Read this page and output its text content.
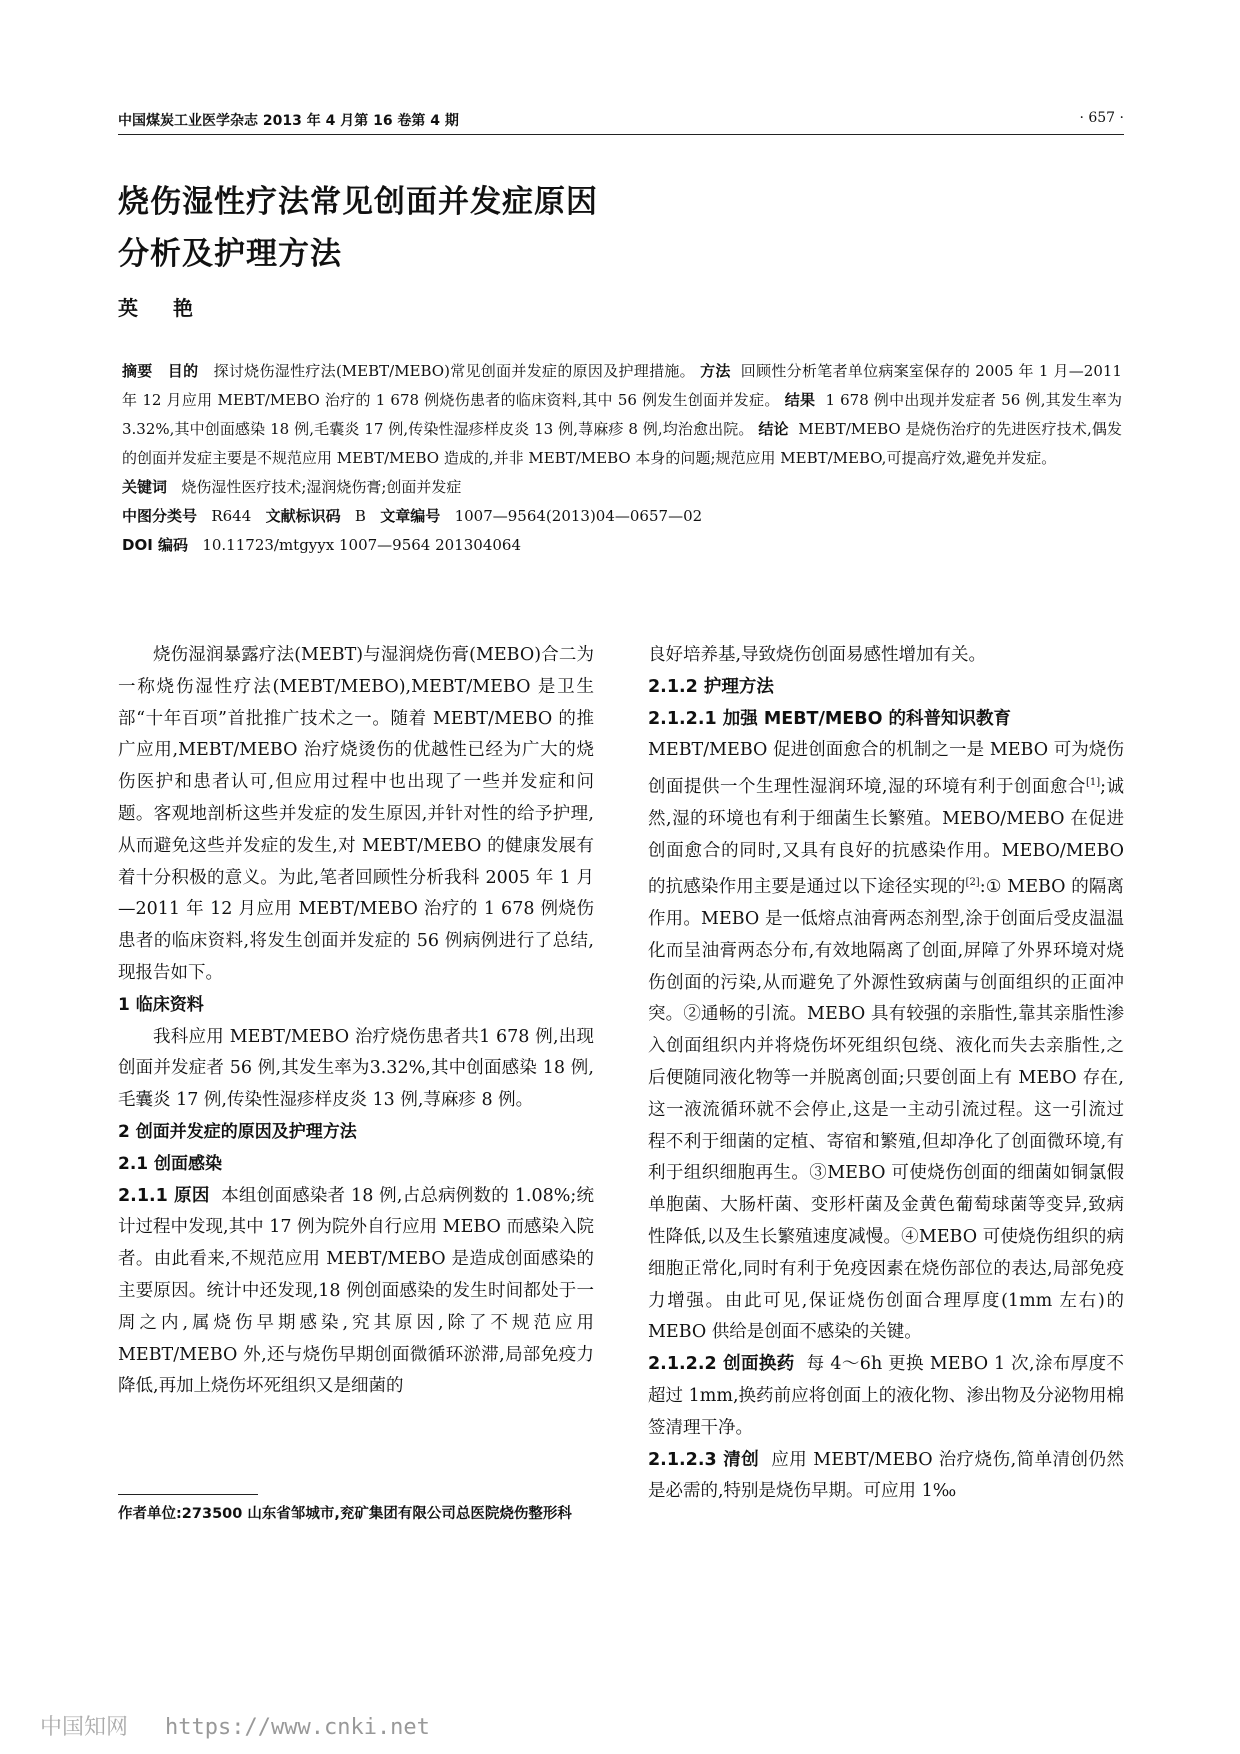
中国煤炭工业医学杂志 2013 年 4 月第 16 卷第 4 期	· 657 ·
烧伤湿性疗法常见创面并发症原因
分析及护理方法
英 艳
摘要 目的 探讨烧伤湿性疗法(MEBT/MEBO)常见创面并发症的原因及护理措施。 方法 回顾性分析笔者单位病案室保存的 2005 年 1 月—2011 年 12 月应用 MEBT/MEBO 治疗的 1 678 例烧伤患者的临床资料,其中 56 例发生创面并发症。 结果 1 678 例中出现并发症者 56 例,其发生率为 3.32%,其中创面感染 18 例,毛囊炎 17 例,传染性湿疹样皮炎 13 例,荨麻疹 8 例,均治愈出院。 结论 MEBT/MEBO 是烧伤治疗的先进医疗技术,偶发的创面并发症主要是不规范应用 MEBT/MEBO 造成的,并非 MEBT/MEBO 本身的问题;规范应用 MEBT/MEBO,可提高疗效,避免并发症。
关键词 烧伤湿性医疗技术;湿润烧伤膏;创面并发症
中图分类号 R644 文献标识码 B 文章编号 1007—9564(2013)04—0657—02
DOI 编码 10.11723/mtgyyx 1007—9564 201304064

烧伤湿润暴露疗法(MEBT)与湿润烧伤膏(MEBO)合二为一称烧伤湿性疗法(MEBT/MEBO),MEBT/MEBO 是卫生部“十年百项”首批推广技术之一。随着 MEBT/MEBO 的推广应用,MEBT/MEBO 治疗烧烫伤的优越性已经为广大的烧伤医护和患者认可,但应用过程中也出现了一些并发症和问题。客观地剖析这些并发症的发生原因,并针对性的给予护理,从而避免这些并发症的发生,对 MEBT/MEBO 的健康发展有着十分积极的意义。为此,笔者回顾性分析我科 2005 年 1 月—2011 年 12 月应用 MEBT/MEBO 治疗的 1 678 例烧伤患者的临床资料,将发生创面并发症的 56 例病例进行了总结,现报告如下。

1 临床资料

我科应用 MEBT/MEBO 治疗烧伤患者共1 678 例,出现创面并发症者 56 例,其发生率为3.32%,其中创面感染 18 例,毛囊炎 17 例,传染性湿疹样皮炎 13 例,荨麻疹 8 例。

2 创面并发症的原因及护理方法

2.1 创面感染

2.1.1 原因 本组创面感染者 18 例,占总病例数的 1.08%;统计过程中发现,其中 17 例为院外自行应用 MEBO 而感染入院者。由此看来,不规范应用 MEBT/MEBO 是造成创面感染的主要原因。统计中还发现,18 例创面感染的发生时间都处于一周之内,属烧伤早期感染,究其原因,除了不规范应用 MEBT/MEBO 外,还与烧伤早期创面微循环淤滞,局部免疫力降低,再加上烧伤坏死组织又是细菌的

作者单位:273500 山东省邹城市,兖矿集团有限公司总医院烧伤整形科

良好培养基,导致烧伤创面易感性增加有关。

2.1.2 护理方法

2.1.2.1 加强 MEBT/MEBO 的科普知识教育

MEBT/MEBO 促进创面愈合的机制之一是 MEBO 可为烧伤创面提供一个生理性湿润环境,湿的环境有利于创面愈合[1];诚然,湿的环境也有利于细菌生长繁殖。MEBO/MEBO 在促进创面愈合的同时,又具有良好的抗感染作用。MEBO/MEBO 的抗感染作用主要是通过以下途径实现的[2]:① MEBO 的隔离作用。MEBO 是一低熔点油膏两态剂型,涂于创面后受皮温温化而呈油膏两态分布,有效地隔离了创面,屏障了外界环境对烧伤创面的污染,从而避免了外源性致病菌与创面组织的正面冲突。②通畅的引流。MEBO 具有较强的亲脂性,靠其亲脂性渗入创面组织内并将烧伤坏死组织包绕、液化而失去亲脂性,之后便随同液化物等一并脱离创面;只要创面上有 MEBO 存在,这一液流循环就不会停止,这是一主动引流过程。这一引流过程不利于细菌的定植、寄宿和繁殖,但却净化了创面微环境,有利于组织细胞再生。③MEBO 可使烧伤创面的细菌如铜氯假单胞菌、大肠杆菌、变形杆菌及金黄色葡萄球菌等变异,致病性降低,以及生长繁殖速度减慢。④MEBO 可使烧伤组织的病细胞正常化,同时有利于免疫因素在烧伤部位的表达,局部免疫力增强。由此可见,保证烧伤创面合理厚度(1mm 左右)的 MEBO 供给是创面不感染的关键。

2.1.2.2 创面换药 每 4～6h 更换 MEBO 1 次,涂布厚度不超过 1mm,换药前应将创面上的液化物、渗出物及分泌物用棉签清理干净。

2.1.2.3 清创 应用 MEBT/MEBO 治疗烧伤,简单清创仍然是必需的,特别是烧伤早期。可应用 1‰

中国知网 https://www.cnki.net
